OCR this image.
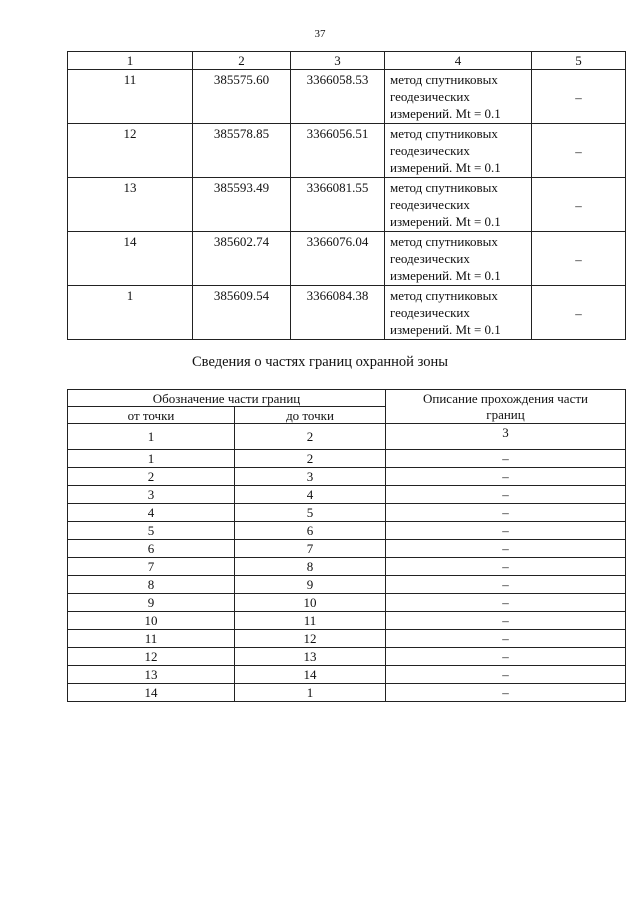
37
1	2	3	4	5
11	385575.60	3366058.53	метод спутниковых
геодезических
измерений. Mt = 0.1	–
12	385578.85	3366056.51	метод спутниковых
геодезических
измерений. Mt = 0.1	–
13	385593.49	3366081.55	метод спутниковых
геодезических
измерений. Mt = 0.1	–
14	385602.74	3366076.04	метод спутниковых
геодезических
измерений. Mt = 0.1	–
1	385609.54	3366084.38	метод спутниковых
геодезических
измерений. Mt = 0.1	–
Сведения о частях границ охранной зоны
Обозначение части границ		Описание прохождения части
границ

от точки	до точки	
1	2	3
1	2	–
2	3	–
3	4	–
4	5	–
5	6	–
6	7	–
7	8	–
8	9	–
9	10	–
10	11	–
11	12	–
12	13	–
13	14	–
14	1	–
